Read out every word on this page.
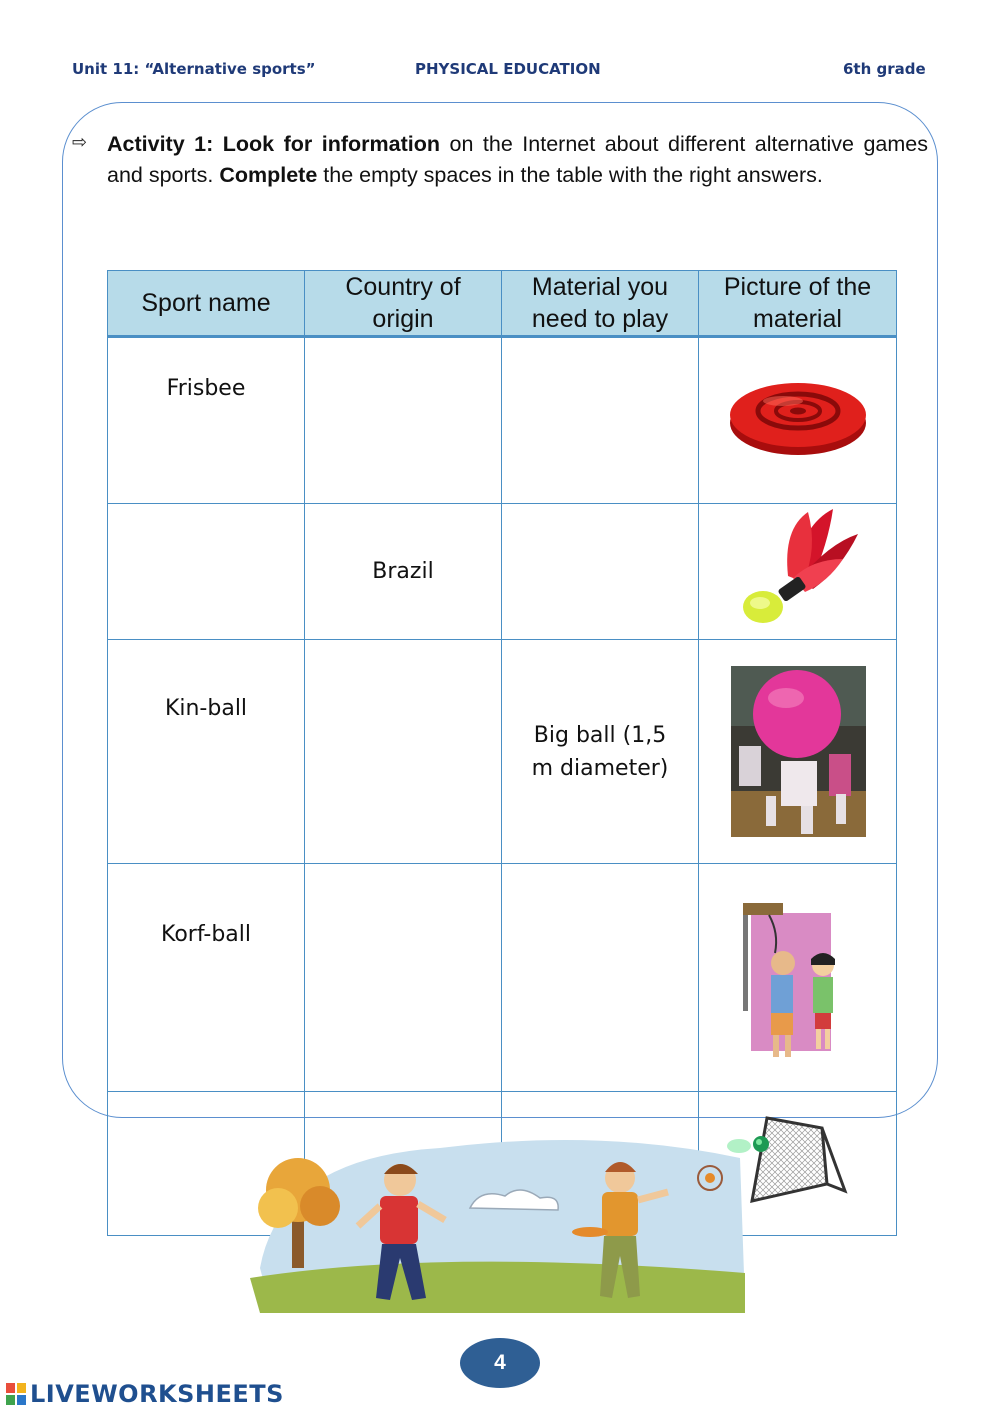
Unit 11: “Alternative sports”	PHYSICAL EDUCATION	6th grade
⇨ Activity 1: Look for information on the Internet about different alternative games and sports. Complete the empty spaces in the table with the right answers.
Sport name	Country of origin	Material you need to play	Picture of the material
Frisbee			
	Brazil		
Kin-ball		Big ball (1,5 m diameter)	

Korf-ball			

4
LIVEWORKSHEETS
